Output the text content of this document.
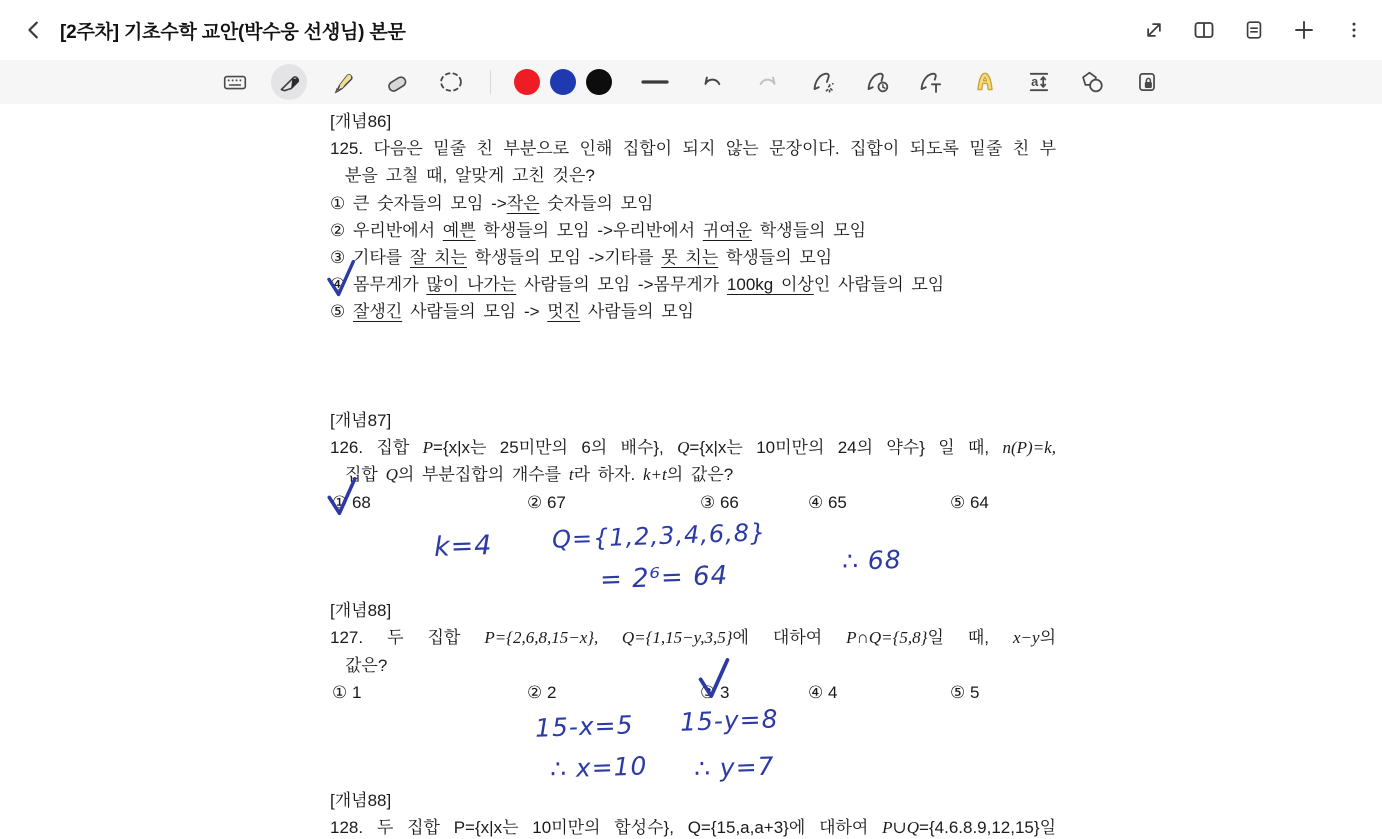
[2주차] 기초수학 교안(박수웅 선생님) 본문
a
[개념86]
125. 다음은 밑줄 친 부분으로 인해 집합이 되지 않는 문장이다. 집합이 되도록 밑줄 친 부
분을 고칠 때, 알맞게 고친 것은?
① 큰 숫자들의 모임 ->작은 숫자들의 모임
② 우리반에서 예쁜 학생들의 모임 ->우리반에서 귀여운 학생들의 모임
③ 기타를 잘 치는 학생들의 모임 ->기타를 못 치는 학생들의 모임
④ 몸무게가 많이 나가는 사람들의 모임 ->몸무게가 100kg 이상인 사람들의 모임
⑤ 잘생긴 사람들의 모임 -> 멋진 사람들의 모임
[개념87]
126. 집합 P={x|x는 25미만의 6의 배수}, Q={x|x는 10미만의 24의 약수} 일 때, n(P)=k,
집합 Q의 부분집합의 개수를 t라 하자. k+t의 값은?
[개념88]
127. 두 집합 P={2,6,8,15−x}, Q={1,15−y,3,5}에 대하여 P∩Q={5,8}일 때, x−y의
값은?
[개념88]
128. 두 집합 P={x|x는 10미만의 합성수}, Q={15,a,a+3}에 대하여 P∪Q={4.6.8.9,12,15}일
① 68	② 67	③ 66	④ 65	⑤ 64
① 1	② 2	③ 3	④ 4	⑤ 5
k=4 Q={1,2,3,4,6,8}
= 2⁶= 64
∴ 68
15-x=5 15-y=8
∴ x=10 ∴ y=7
